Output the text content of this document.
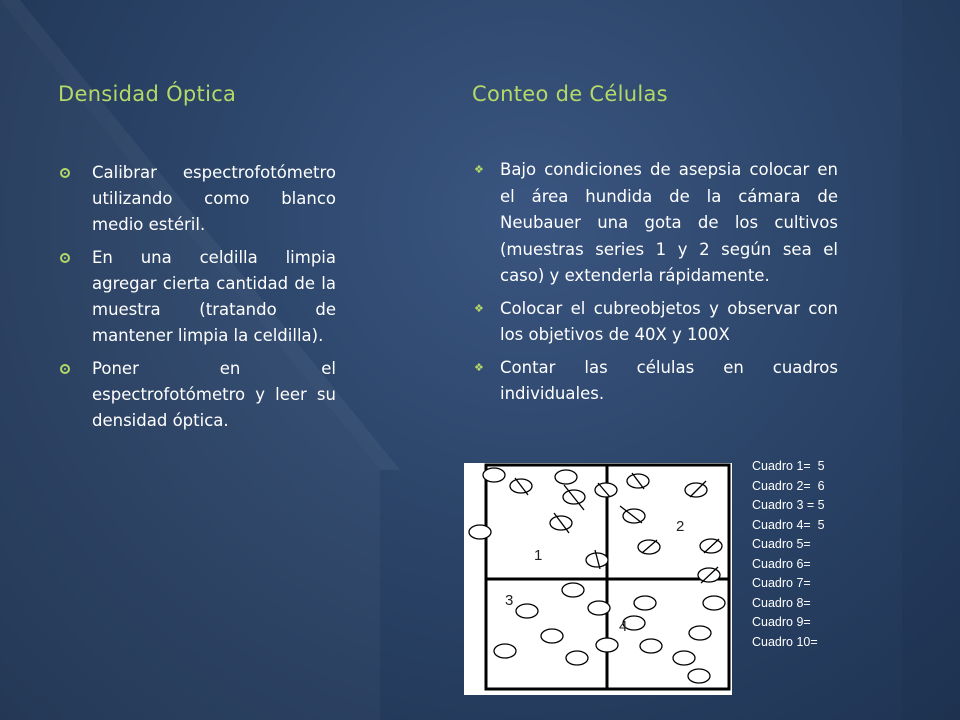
Densidad Óptica	Conteo de Células
Calibrar espectrofotómetro utilizando como blanco medio estéril.
En una celdilla limpia agregar cierta cantidad de la muestra (tratando de mantener limpia la celdilla).
Poner en el espectrofotómetro y leer su densidad óptica.
❖ Bajo condiciones de asepsia colocar en el área hundida de la cámara de Neubauer una gota de los cultivos (muestras series 1 y 2 según sea el caso) y extenderla rápidamente.
❖ Colocar el cubreobjetos y observar con los objetivos de 40X y 100X
❖ Contar las células en cuadros individuales.
1
2
3
4
Cuadro 1=  5
Cuadro 2=  6
Cuadro 3 = 5
Cuadro 4=  5
Cuadro 5=
Cuadro 6=
Cuadro 7=
Cuadro 8=
Cuadro 9=
Cuadro 10=
